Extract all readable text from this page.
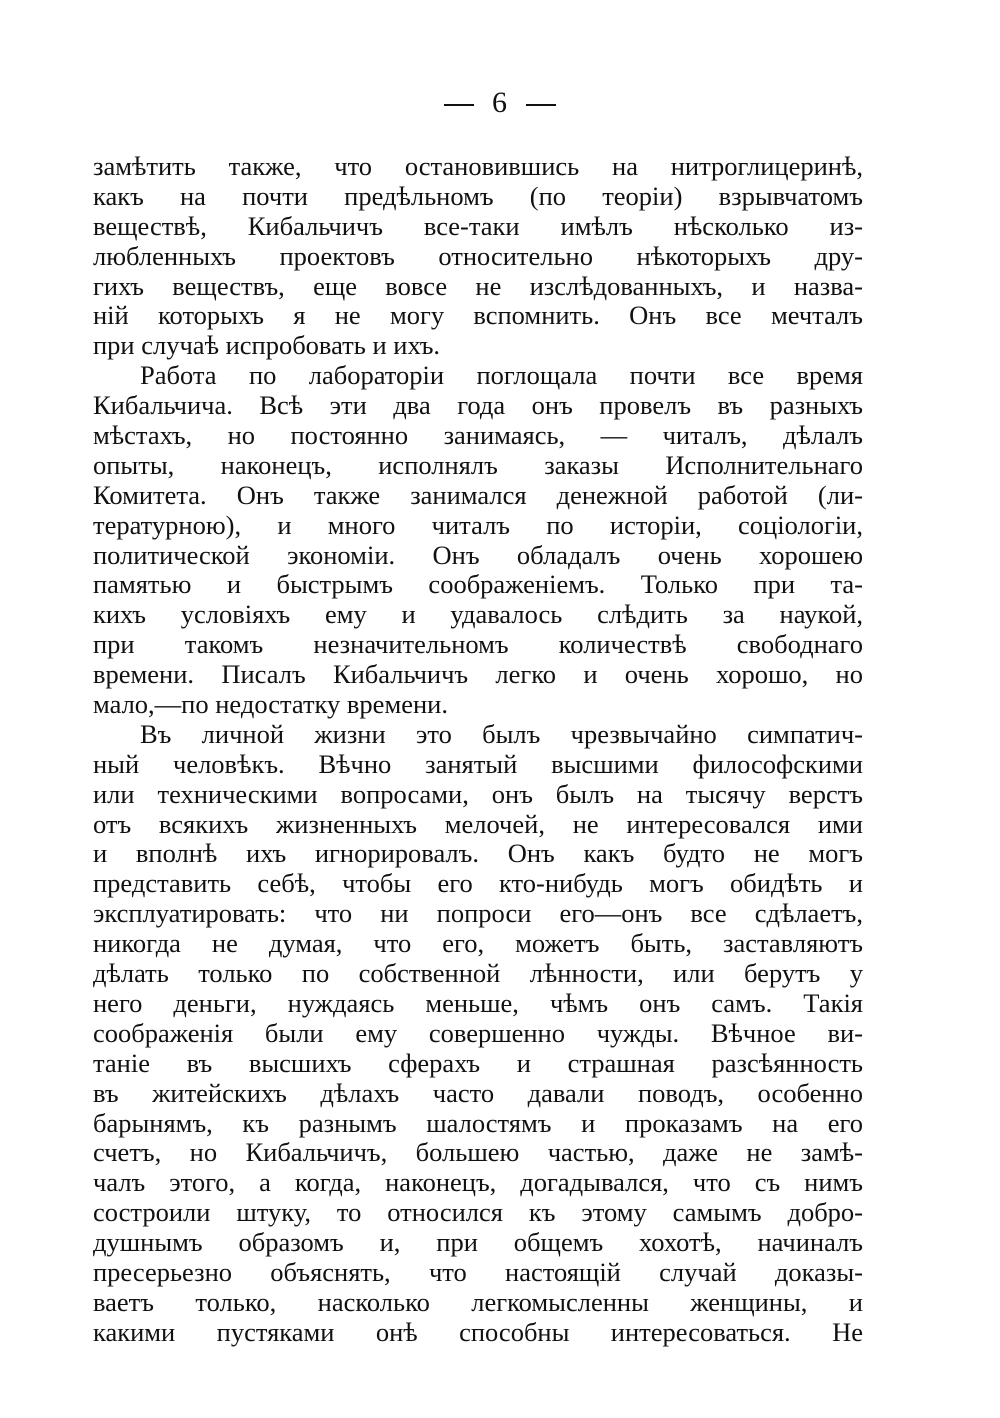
6
замѣтить также, что остановившись на нитроглицеринѣ,
какъ на почти предѣльномъ (по теоріи) взрывчатомъ
веществѣ, Кибальчичъ все-таки имѣлъ нѣсколько из-
любленныхъ проектовъ относительно нѣкоторыхъ дру-
гихъ веществъ, еще вовсе не изслѣдованныхъ, и назва-
ній которыхъ я не могу вспомнить. Онъ все мечталъ
при случаѣ испробовать и ихъ.
Работа по лабораторіи поглощала почти все время
Кибальчича. Всѣ эти два года онъ провелъ въ разныхъ
мѣстахъ, но постоянно занимаясь, — читалъ, дѣлалъ
опыты, наконецъ, исполнялъ заказы Исполнительнаго
Комитета. Онъ также занимался денежной работой (ли-
тературною), и много читалъ по исторіи, соціологіи,
политической экономіи. Онъ обладалъ очень хорошею
памятью и быстрымъ соображеніемъ. Только при та-
кихъ условіяхъ ему и удавалось слѣдить за наукой,
при такомъ незначительномъ количествѣ свободнаго
времени. Писалъ Кибальчичъ легко и очень хорошо, но
мало,—по недостатку времени.
Въ личной жизни это былъ чрезвычайно симпатич-
ный человѣкъ. Вѣчно занятый высшими философскими
или техническими вопросами, онъ былъ на тысячу верстъ
отъ всякихъ жизненныхъ мелочей, не интересовался ими
и вполнѣ ихъ игнорировалъ. Онъ какъ будто не могъ
представить себѣ, чтобы его кто-нибудь могъ обидѣть и
эксплуатировать: что ни попроси его—онъ все сдѣлаетъ,
никогда не думая, что его, можетъ быть, заставляютъ
дѣлать только по собственной лѣнности, или берутъ у
него деньги, нуждаясь меньше, чѣмъ онъ самъ. Такія
соображенія были ему совершенно чужды. Вѣчное ви-
таніе въ высшихъ сферахъ и страшная разсѣянность
въ житейскихъ дѣлахъ часто давали поводъ, особенно
барынямъ, къ разнымъ шалостямъ и проказамъ на его
счетъ, но Кибальчичъ, большею частью, даже не замѣ-
чалъ этого, а когда, наконецъ, догадывался, что съ нимъ
состроили штуку, то относился къ этому самымъ добро-
душнымъ образомъ и, при общемъ хохотѣ, начиналъ
пресерьезно объяснять, что настоящій случай доказы-
ваетъ только, насколько легкомысленны женщины, и
какими пустяками онѣ способны интересоваться. Не
